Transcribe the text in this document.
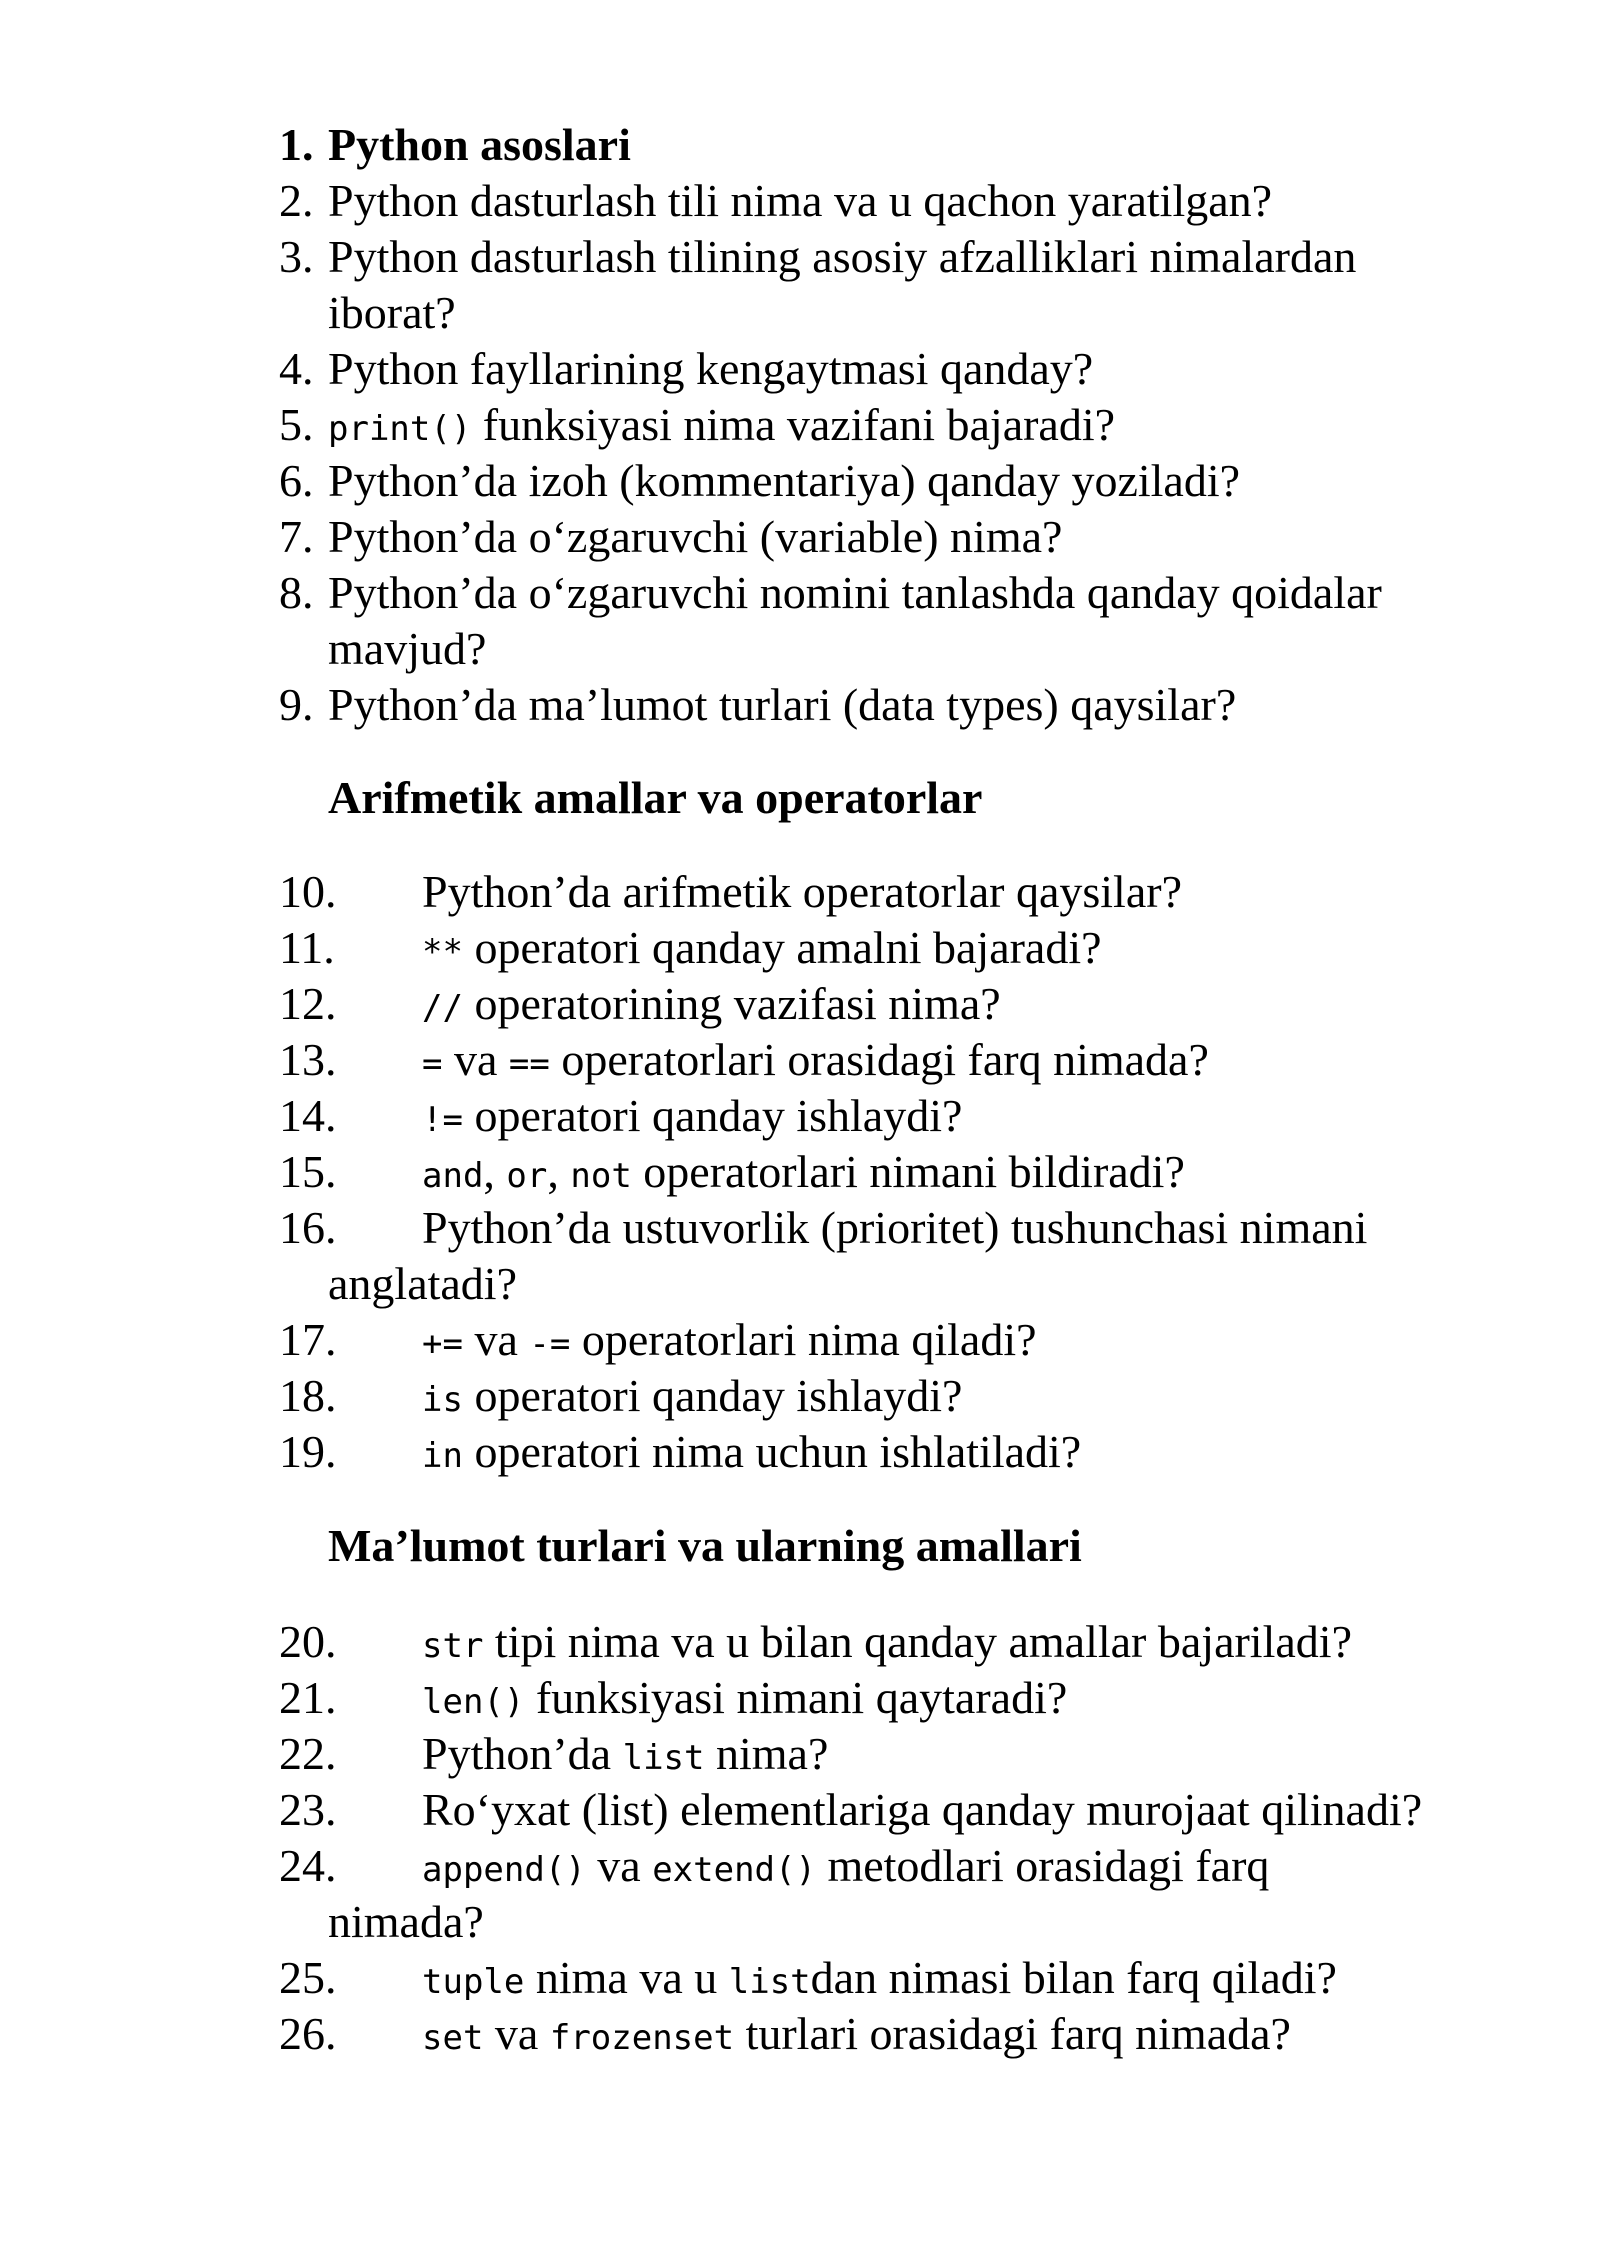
1. Python asoslari
2. Python dasturlash tili nima va u qachon yaratilgan?
3. Python dasturlash tilining asosiy afzalliklari nimalardan
iborat?
4. Python fayllarining kengaytmasi qanday?
5. print() funksiyasi nima vazifani bajaradi?
6. Python’da izoh (kommentariya) qanday yoziladi?
7. Python’da o‘zgaruvchi (variable) nima?
8. Python’da o‘zgaruvchi nomini tanlashda qanday qoidalar
mavjud?
9. Python’da ma’lumot turlari (data types) qaysilar?
Arifmetik amallar va operatorlar
10. Python’da arifmetik operatorlar qaysilar?
11.	** operatori qanday amalni bajaradi?
12.	// operatorining vazifasi nima?
13.	= va == operatorlari orasidagi farq nimada?
14.	!= operatori qanday ishlaydi?
15.	and, or, not operatorlari nimani bildiradi?
16. Python’da ustuvorlik (prioritet) tushunchasi nimani
anglatadi?
17.	+= va -= operatorlari nima qiladi?
18.	is operatori qanday ishlaydi?
19.	in operatori nima uchun ishlatiladi?
Ma’lumot turlari va ularning amallari
20.	str tipi nima va u bilan qanday amallar bajariladi?
21.	len() funksiyasi nimani qaytaradi?
22. Python’da list nima?
23. Ro‘yxat (list) elementlariga qanday murojaat qilinadi?
24.	append() va extend() metodlari orasidagi farq
nimada?
25.	tuple nima va u listdan nimasi bilan farq qiladi?
26.	set va frozenset turlari orasidagi farq nimada?
